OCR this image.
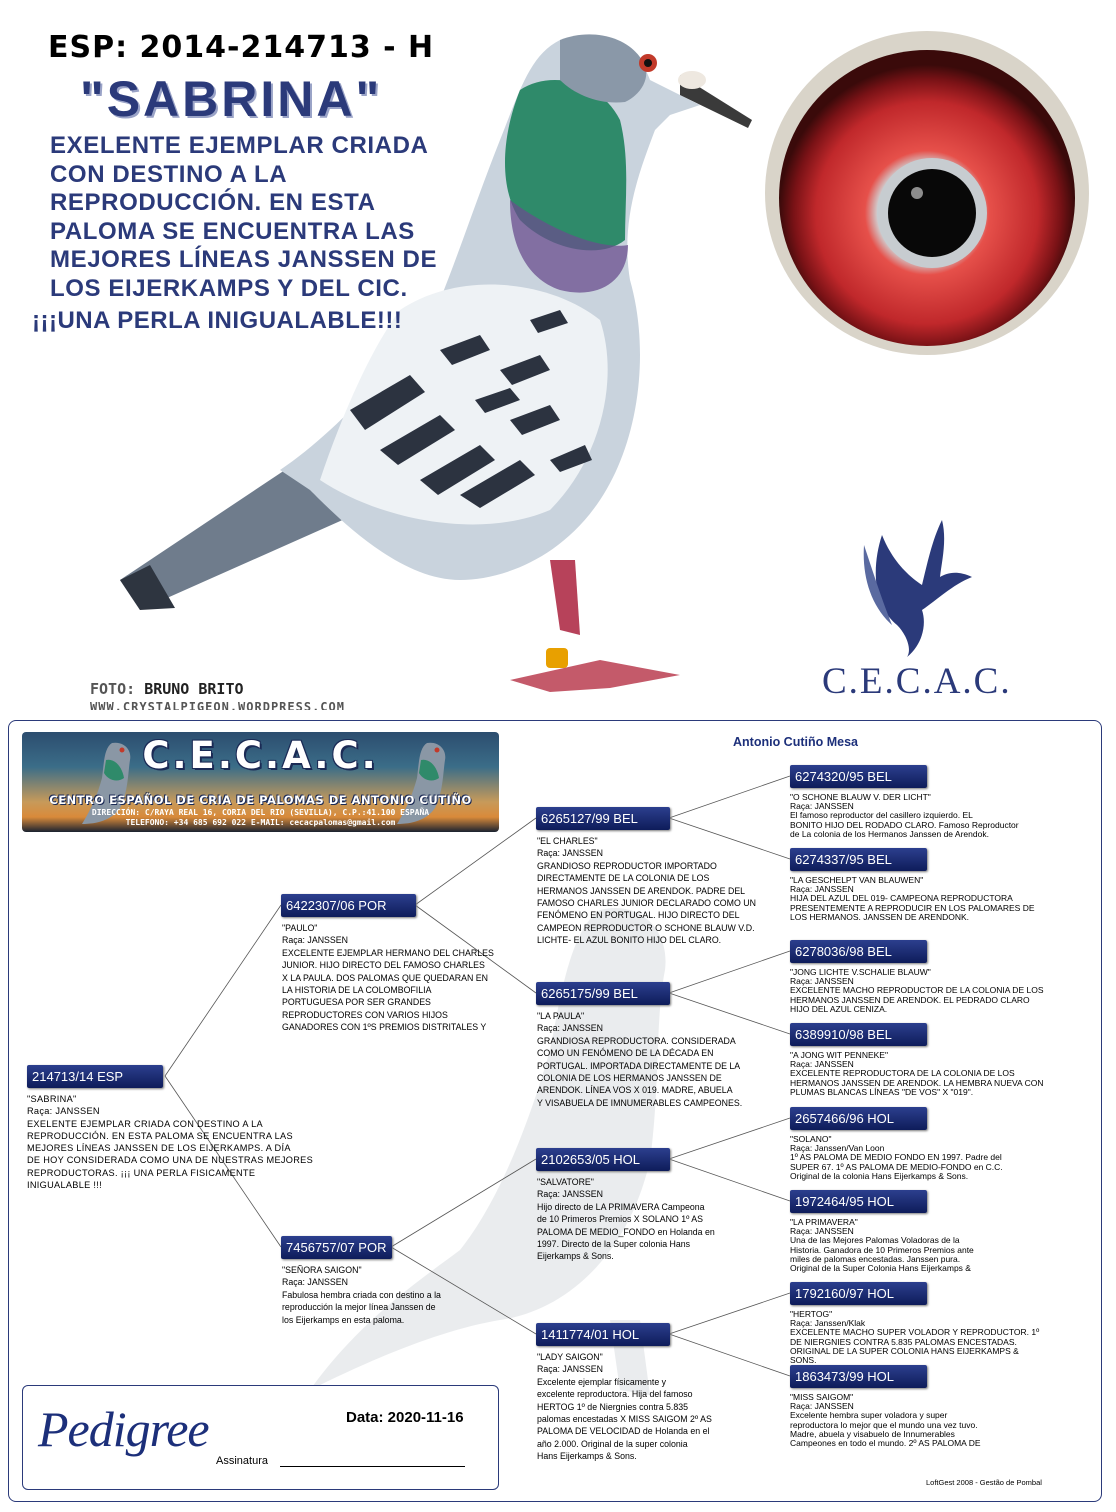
ESP: 2014-214713 - H
"SABRINA"
EXELENTE EJEMPLAR CRIADA
CON DESTINO A LA
REPRODUCCIÓN. EN ESTA
PALOMA SE ENCUENTRA LAS
MEJORES LÍNEAS JANSSEN DE
LOS EIJERKAMPS Y DEL CIC.
¡¡¡UNA PERLA INIGUALABLE!!!
FOTO: BRUNO BRITO
WWW.CRYSTALPIGEON.WORDPRESS.COM
C.E.C.A.C.
C.E.C.A.C.
CENTRO ESPAÑOL DE CRIA DE PALOMAS DE ANTONIO CUTIÑO
DIRECCIÓN: C/RAYA REAL 16, CORIA DEL RIO (SEVILLA), C.P.:41.100 ESPAÑA
TELEFONO: +34 685 692 022 E-MAIL: cecacpalomas@gmail.com
Antonio Cutiño Mesa
214713/14 ESP
"SABRINA"
Raça: JANSSEN
EXELENTE EJEMPLAR CRIADA CON DESTINO A LA
REPRODUCCIÓN. EN ESTA PALOMA SE ENCUENTRA LAS
MEJORES LÍNEAS JANSSEN DE LOS EIJERKAMPS. A DÍA
DE HOY CONSIDERADA COMO UNA DE NUESTRAS MEJORES
REPRODUCTORAS. ¡¡¡ UNA PERLA FISICAMENTE
INIGUALABLE !!!
6422307/06 POR
"PAULO"
Raça: JANSSEN
EXCELENTE EJEMPLAR HERMANO DEL CHARLES
JUNIOR. HIJO DIRECTO DEL FAMOSO CHARLES
X LA PAULA. DOS PALOMAS QUE QUEDARAN EN
LA HISTORIA DE LA COLOMBOFILIA
PORTUGUESA POR SER GRANDES
REPRODUCTORES CON VARIOS HIJOS
GANADORES CON 1ºS PREMIOS DISTRITALES Y
7456757/07 POR
"SEÑORA SAIGON"
Raça: JANSSEN
Fabulosa hembra criada con destino a la
reproducción la mejor línea Janssen de
los Eijerkamps en esta paloma.
6265127/99 BEL
"EL CHARLES"
Raça: JANSSEN
GRANDIOSO REPRODUCTOR IMPORTADO
DIRECTAMENTE DE LA COLONIA DE LOS
HERMANOS JANSSEN DE ARENDOK. PADRE DEL
FAMOSO CHARLES JUNIOR DECLARADO COMO UN
FENÓMENO EN PORTUGAL. HIJO DIRECTO DEL
CAMPEON REPRODUCTOR O SCHONE BLAUW V.D.
LICHTE- EL AZUL BONITO HIJO DEL CLARO.
6265175/99 BEL
"LA PAULA"
Raça: JANSSEN
GRANDIOSA REPRODUCTORA. CONSIDERADA
COMO UN FENÓMENO DE LA DÉCADA EN
PORTUGAL. IMPORTADA DIRECTAMENTE DE LA
COLONIA DE LOS HERMANOS JANSSEN DE
ARENDOK. LÍNEA VOS X 019. MADRE, ABUELA
Y VISABUELA DE IMNUMERABLES CAMPEONES.
2102653/05 HOL
"SALVATORE"
Raça: JANSSEN
Hijo directo de LA PRIMAVERA Campeona
de 10 Primeros Premios X SOLANO 1º AS
PALOMA DE MEDIO_FONDO en Holanda en
1997. Directo de la Super colonia Hans
Eijerkamps & Sons.
1411774/01 HOL
"LADY SAIGON"
Raça: JANSSEN
Excelente ejemplar físicamente y
excelente reproductora. Hija del famoso
HERTOG 1º de Niergnies contra 5.835
palomas encestadas X MISS SAIGOM 2º AS
PALOMA DE VELOCIDAD de Holanda en el
año 2.000. Original de la super colonia
Hans Eijerkamps & Sons.
6274320/95 BEL
"O SCHONE BLAUW V. DER LICHT"
Raça: JANSSEN
El famoso reproductor del casillero izquierdo. EL
BONITO HIJO DEL RODADO CLARO. Famoso Reproductor
de La colonia de los Hermanos Janssen de Arendok.
6274337/95 BEL
"LA GESCHELPT VAN BLAUWEN"
Raça: JANSSEN
HIJA DEL AZUL DEL 019- CAMPEONA REPRODUCTORA
PRESENTEMENTE A REPRODUCIR EN LOS PALOMARES DE
LOS HERMANOS. JANSSEN DE ARENDONK.
6278036/98 BEL
"JONG LICHTE V.SCHALIE BLAUW"
Raça: JANSSEN
EXCELENTE MACHO REPRODUCTOR DE LA COLONIA DE LOS
HERMANOS JANSSEN DE ARENDOK. EL PEDRADO CLARO
HIJO DEL AZUL CENIZA.
6389910/98 BEL
"A JONG WIT PENNEKE"
Raça: JANSSEN
EXCELENTE REPRODUCTORA DE LA COLONIA DE LOS
HERMANOS JANSSEN DE ARENDOK. LA HEMBRA NUEVA CON
PLUMAS BLANCAS LÍNEAS "DE VOS" X "019".
2657466/96 HOL
"SOLANO"
Raça: Janssen/Van Loon
1º AS PALOMA DE MEDIO FONDO EN 1997. Padre del
SUPER 67. 1º AS PALOMA DE MEDIO-FONDO en C.C.
Original de la colonia Hans Eijerkamps & Sons.
1972464/95 HOL
"LA PRIMAVERA"
Raça: JANSSEN
Una de las Mejores Palomas Voladoras de la
Historia. Ganadora de 10 Primeros Premios ante
miles de palomas encestadas. Janssen pura.
Original de la Super Colonia Hans Eijerkamps &
1792160/97 HOL
"HERTOG"
Raça: Janssen/Klak
EXCELENTE MACHO SUPER VOLADOR Y REPRODUCTOR. 1º
DE NIERGNIES CONTRA 5.835 PALOMAS ENCESTADAS.
ORIGINAL DE LA SUPER COLONIA HANS EIJERKAMPS &
SONS.
1863473/99 HOL
"MISS SAIGOM"
Raça: JANSSEN
Excelente hembra super voladora y super
reproductora lo mejor que el mundo una vez tuvo.
Madre, abuela y visabuelo de Innumerables
Campeones en todo el mundo. 2º AS PALOMA DE
Pedigree	Data: 2020-11-16
Assinatura
LoftGest 2008 - Gestão de Pombal
